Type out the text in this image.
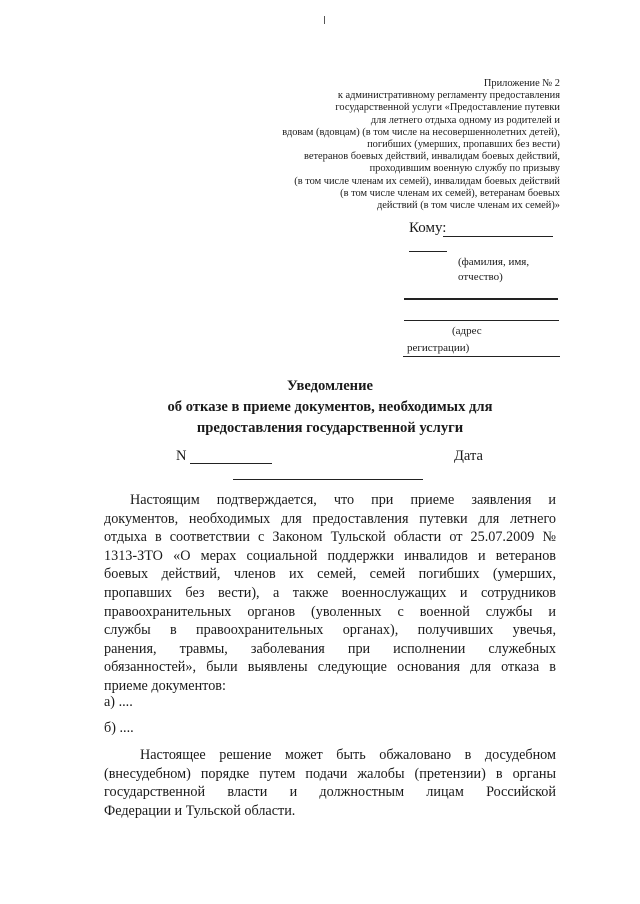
Приложение № 2
к административному регламенту предоставления
государственной услуги «Предоставление путевки
для летнего отдыха одному из родителей и
вдовам (вдовцам) (в том числе на несовершеннолетних детей),
погибших (умерших, пропавших без вести)
ветеранов боевых действий, инвалидам боевых действий,
проходившим военную службу по призыву
(в том числе членам их семей), инвалидам боевых действий
(в том числе членам их семей), ветеранам боевых
действий (в том числе членам их семей)»
Кому:
(фамилия, имя,
отчество)
(адрес
регистрации)
Уведомление
об отказе в приеме документов, необходимых для
предоставления государственной услуги
N	Дата
Настоящим подтверждается, что при приеме заявления и
документов, необходимых для предоставления путевки для летнего
отдыха в соответствии с Законом Тульской области от 25.07.2009 №
1313-ЗТО «О мерах социальной поддержки инвалидов и ветеранов
боевых действий, членов их семей, семей погибших (умерших,
пропавших без вести), а также военнослужащих и сотрудников
правоохранительных органов (уволенных с военной службы и
службы в правоохранительных органах), получивших увечья,
ранения, травмы, заболевания при исполнении служебных
обязанностей», были выявлены следующие основания для отказа в
приеме документов:
а) ....
б) ....
Настоящее решение может быть обжаловано в досудебном
(внесудебном) порядке путем подачи жалобы (претензии) в органы
государственной власти и должностным лицам Российской
Федерации и Тульской области.
